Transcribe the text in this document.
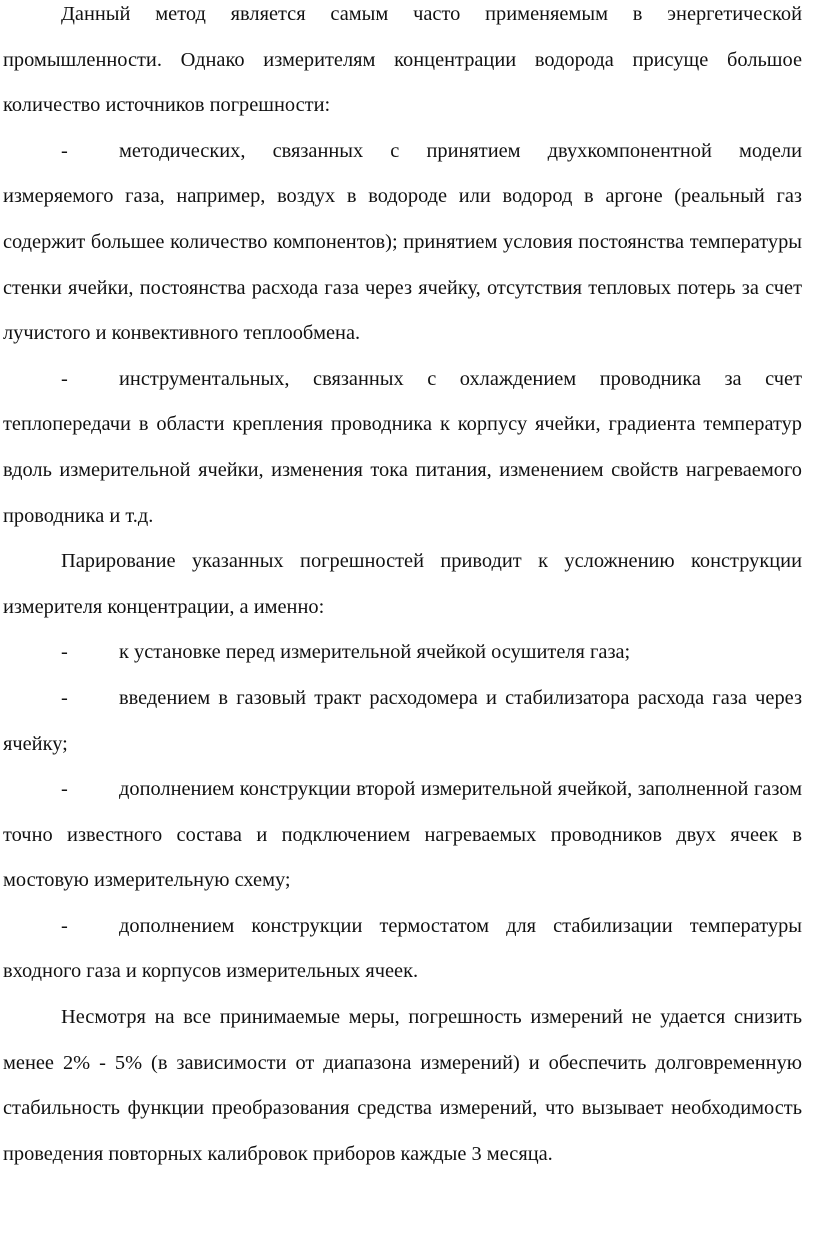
Данный метод является самым часто применяемым в энергетической промышленности. Однако измерителям концентрации водорода присуще большое количество источников погрешности:

-	методических, связанных с принятием двухкомпонентной модели измеряемого газа, например, воздух в водороде или водород в аргоне (реальный газ содержит большее количество компонентов); принятием условия постоянства температуры стенки ячейки, постоянства расхода газа через ячейку, отсутствия тепловых потерь за счет лучистого и конвективного теплообмена.

-	инструментальных, связанных с охлаждением проводника за счет теплопередачи в области крепления проводника к корпусу ячейки, градиента температур вдоль измерительной ячейки, изменения тока питания, изменением свойств нагреваемого проводника и т.д.

Парирование указанных погрешностей приводит к усложнению конструкции измерителя концентрации, а именно:

-	к установке перед измерительной ячейкой осушителя газа;

-	введением в газовый тракт расходомера и стабилизатора расхода газа через ячейку;

-	дополнением конструкции второй измерительной ячейкой, заполненной газом точно известного состава и подключением нагреваемых проводников двух ячеек в мостовую измерительную схему;

-	дополнением конструкции термостатом для стабилизации температуры входного газа и корпусов измерительных ячеек.

Несмотря на все принимаемые меры, погрешность измерений не удается снизить менее 2% - 5% (в зависимости от диапазона измерений) и обеспечить долговременную стабильность функции преобразования средства измерений, что вызывает необходимость проведения повторных калибровок приборов каждые 3 месяца.
